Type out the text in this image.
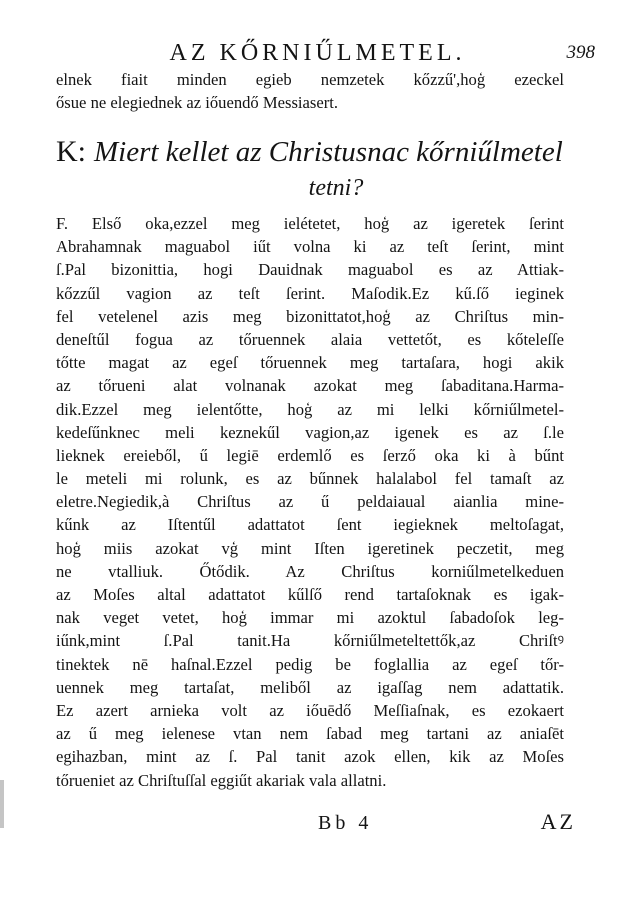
AZ KŐRNIŰLMETEL.	398
elnek fiait minden egieb nemzetek kőzzű',hoģ ezeckel
ősue ne elegiednek az iőuendő Messiasert.
K: Miert kellet az Christusnac kőrniűlmetel
tetni?
F. Első oka,ezzel meg ielétetet, hoģ az igeretek ſerint
Abrahamnak maguabol iűt volna ki az teſt ſerint, mint
ſ.Pal bizonittia, hogi Dauidnak maguabol es az Attiak-
kőzzűl vagion az teſt ſerint. Maſodik.Ez kű.ſő ieginek
fel vetelenel azis meg bizonittatot,hoģ az Chriſtus min-
deneſtűl fogua az tőruennek alaia vettetőt, es kőteleſſe
tőtte magat az egeſ tőruennek meg tartaſara, hogi akik
az tőrueni alat volnanak azokat meg ſabaditana.Harma-
dik.Ezzel meg ielentőtte, hoģ az mi lelki kőrniűlmetel-
kedeſűnknec meli keznekűl vagion,az igenek es az ſ.le
lieknek ereieből, ű legiē erdemlő es ſerző oka ki à bűnt
le meteli mi rolunk, es az bűnnek halalabol fel tamaſt az
eletre.Negiedik,à Chriſtus az ű peldaiaual aianlia mine-
kűnk az Iſtentűl adattatot ſent iegieknek meltoſagat,
hoģ miis azokat vģ mint Iſten igeretinek peczetit, meg
ne vtalliuk. Őtődik. Az Chriſtus korniűlmetelkeduen
az Moſes altal adattatot kűlſő rend tartaſoknak es igak-
nak veget vetet, hoģ immar mi azoktul ſabadoſok leg-
iűnk,mint ſ.Pal tanit.Ha kőrniűlmeteltettők,az Chriſtꝰ
tinektek nē haſnal.Ezzel pedig be foglallia az egeſ tőr-
uennek meg tartaſat, meliből az igaſſag nem adattatik.
Ez azert arnieka volt az iőuēdő Meſſiaſnak, es ezokaert
az ű meg ielenese vtan nem ſabad meg tartani az aniaſēt
egihazban, mint az ſ. Pal tanit azok ellen, kik az Moſes
tőrueniet az Chriſtuſſal eggiűt akariak vala allatni.
Bb 4	AZ
